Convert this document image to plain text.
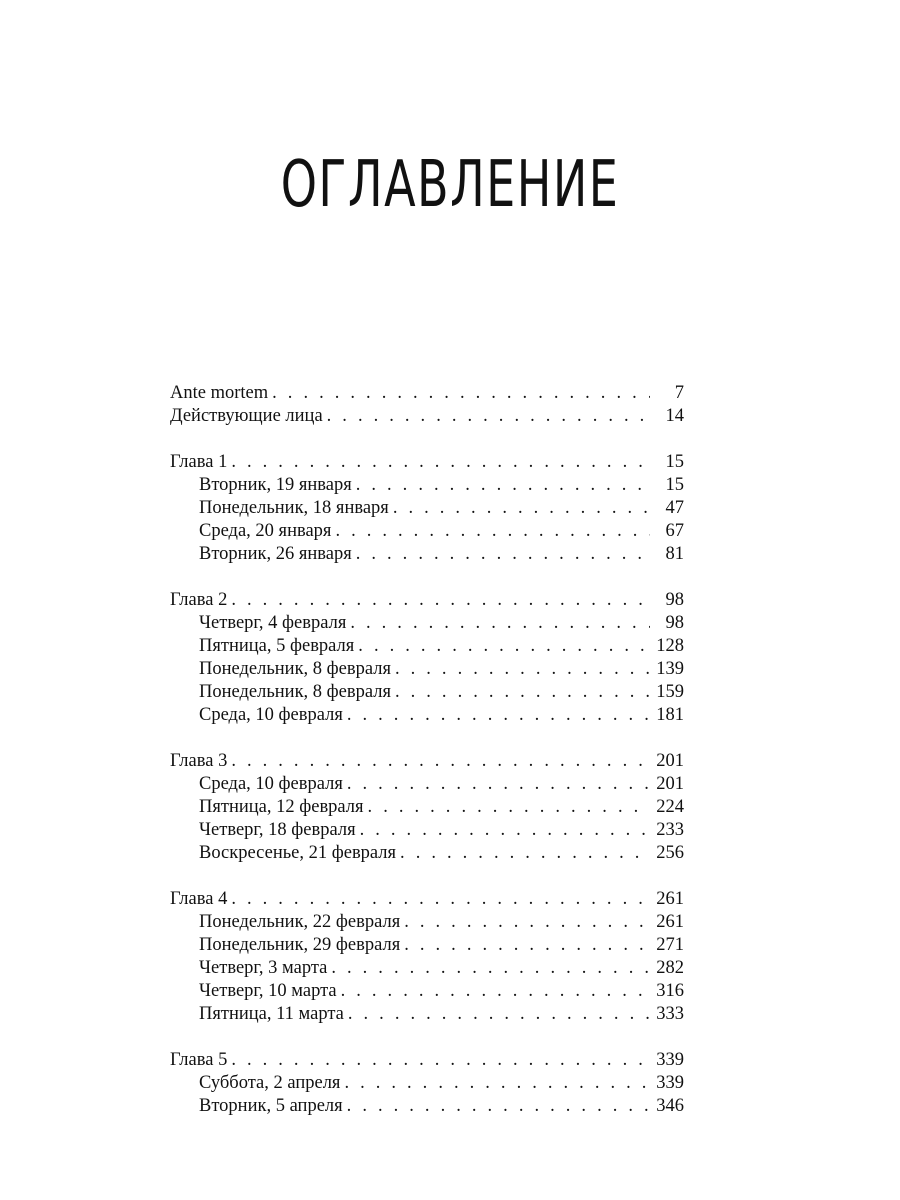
ОГЛАВЛЕНИЕ
Ante mortem . . .	7
Действующие лица . . .	14
Глава 1 . . .	15
Вторник, 19 января . . .	15
Понедельник, 18 января . . .	47
Среда, 20 января . . .	67
Вторник, 26 января . . .	81
Глава 2 . . .	98
Четверг, 4 февраля . . .	98
Пятница, 5 февраля . . .	128
Понедельник, 8 февраля . . .	139
Понедельник, 8 февраля . . .	159
Среда, 10 февраля . . .	181
Глава 3 . . .	201
Среда, 10 февраля . . .	201
Пятница, 12 февраля . . .	224
Четверг, 18 февраля . . .	233
Воскресенье, 21 февраля . . .	256
Глава 4 . . .	261
Понедельник, 22 февраля . . .	261
Понедельник, 29 февраля . . .	271
Четверг, 3 марта . . .	282
Четверг, 10 марта . . .	316
Пятница, 11 марта . . .	333
Глава 5 . . .	339
Суббота, 2 апреля . . .	339
Вторник, 5 апреля . . .	346
